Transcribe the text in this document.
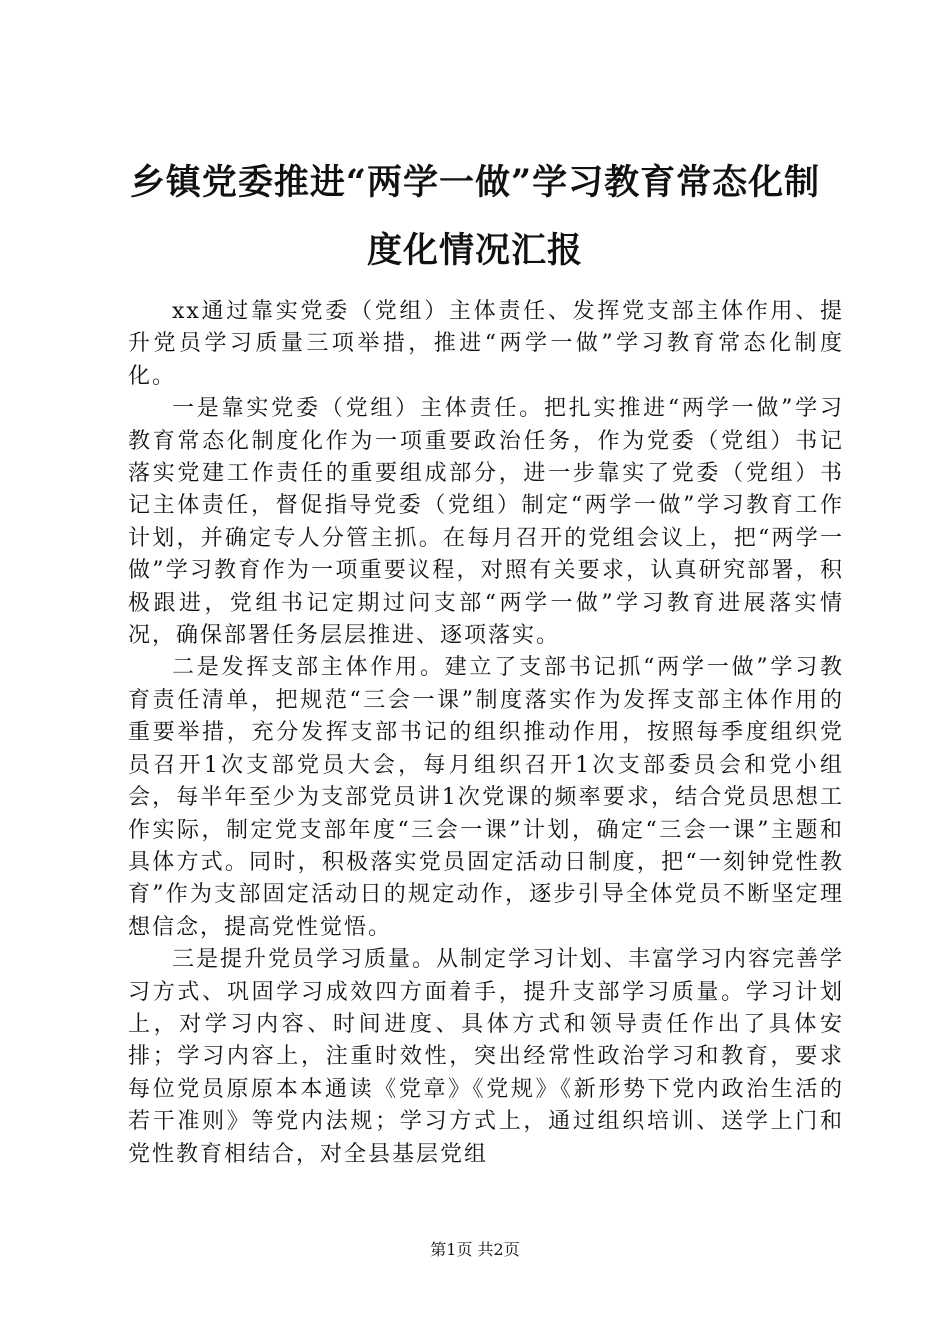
乡镇党委推进“两学一做”学习教育常态化制
度化情况汇报

xx通过靠实党委（党组）主体责任、发挥党支部主体作用、提升党员学习质量三项举措，推进“两学一做”学习教育常态化制度化。

一是靠实党委（党组）主体责任。把扎实推进“两学一做”学习教育常态化制度化作为一项重要政治任务，作为党委（党组）书记落实党建工作责任的重要组成部分，进一步靠实了党委（党组）书记主体责任，督促指导党委（党组）制定“两学一做”学习教育工作计划，并确定专人分管主抓。在每月召开的党组会议上，把“两学一做”学习教育作为一项重要议程，对照有关要求，认真研究部署，积极跟进，党组书记定期过问支部“两学一做”学习教育进展落实情况，确保部署任务层层推进、逐项落实。

二是发挥支部主体作用。建立了支部书记抓“两学一做”学习教育责任清单，把规范“三会一课”制度落实作为发挥支部主体作用的重要举措，充分发挥支部书记的组织推动作用，按照每季度组织党员召开1次支部党员大会，每月组织召开1次支部委员会和党小组会，每半年至少为支部党员讲1次党课的频率要求，结合党员思想工作实际，制定党支部年度“三会一课”计划，确定“三会一课”主题和具体方式。同时，积极落实党员固定活动日制度，把“一刻钟党性教育”作为支部固定活动日的规定动作，逐步引导全体党员不断坚定理想信念，提高党性觉悟。

三是提升党员学习质量。从制定学习计划、丰富学习内容完善学习方式、巩固学习成效四方面着手，提升支部学习质量。学习计划上，对学习内容、时间进度、具体方式和领导责任作出了具体安排；学习内容上，注重时效性，突出经常性政治学习和教育，要求每位党员原原本本通读《党章》《党规》《新形势下党内政治生活的若干准则》等党内法规；学习方式上，通过组织培训、送学上门和党性教育相结合，对全县基层党组

第1页 共2页
